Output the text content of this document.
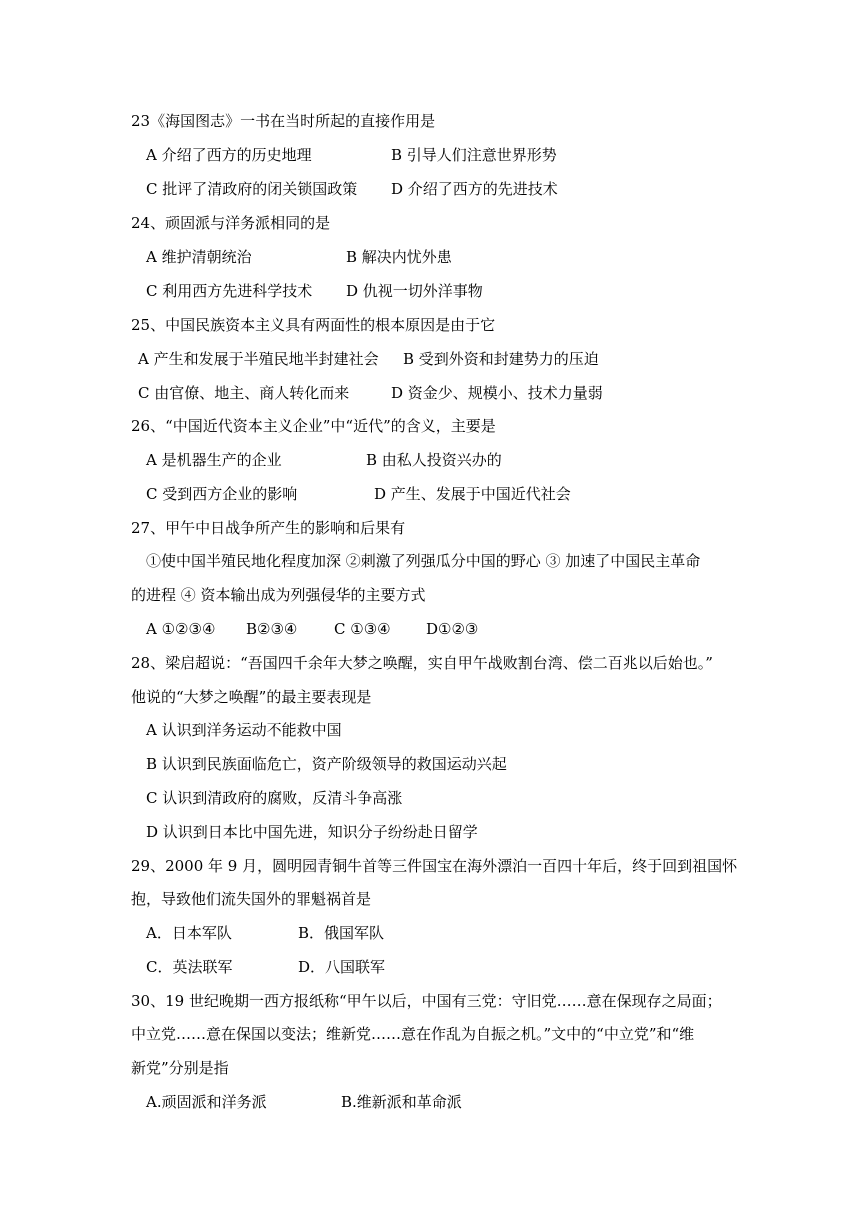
23《海国图志》一书在当时所起的直接作用是
A 介绍了西方的历史地理	B 引导人们注意世界形势
C 批评了清政府的闭关锁国政策 D 介绍了西方的先进技术
24、顽固派与洋务派相同的是
A 维护清朝统治	B 解决内忧外患
C 利用西方先进科学技术 D 仇视一切外洋事物
25、中国民族资本主义具有两面性的根本原因是由于它
A 产生和发展于半殖民地半封建社会 B 受到外资和封建势力的压迫
C 由官僚、地主、商人转化而来	D 资金少、规模小、技术力量弱
26、“中国近代资本主义企业”中“近代”的含义，主要是
A 是机器生产的企业	B 由私人投资兴办的
C 受到西方企业的影响	D 产生、发展于中国近代社会
27、甲午中日战争所产生的影响和后果有
①使中国半殖民地化程度加深 ②刺激了列强瓜分中国的野心 ③ 加速了中国民主革命
的进程 ④ 资本输出成为列强侵华的主要方式
A ①②③④ B②③④ C ①③④ D①②③
28、梁启超说：“吾国四千余年大梦之唤醒，实自甲午战败割台湾、偿二百兆以后始也。”
他说的“大梦之唤醒”的最主要表现是
A 认识到洋务运动不能救中国
B 认识到民族面临危亡，资产阶级领导的救国运动兴起
C 认识到清政府的腐败，反清斗争高涨
D 认识到日本比中国先进，知识分子纷纷赴日留学
29、2000 年 9 月，圆明园青铜牛首等三件国宝在海外漂泊一百四十年后，终于回到祖国怀
抱，导致他们流失国外的罪魁祸首是
A．日本军队	B．俄国军队
C．英法联军	D．八国联军
30、19 世纪晚期一西方报纸称“甲午以后，中国有三党：守旧党……意在保现存之局面；
中立党……意在保国以变法；维新党……意在作乱为自振之机。”文中的“中立党”和“维
新党”分别是指
A.顽固派和洋务派	B.维新派和革命派
